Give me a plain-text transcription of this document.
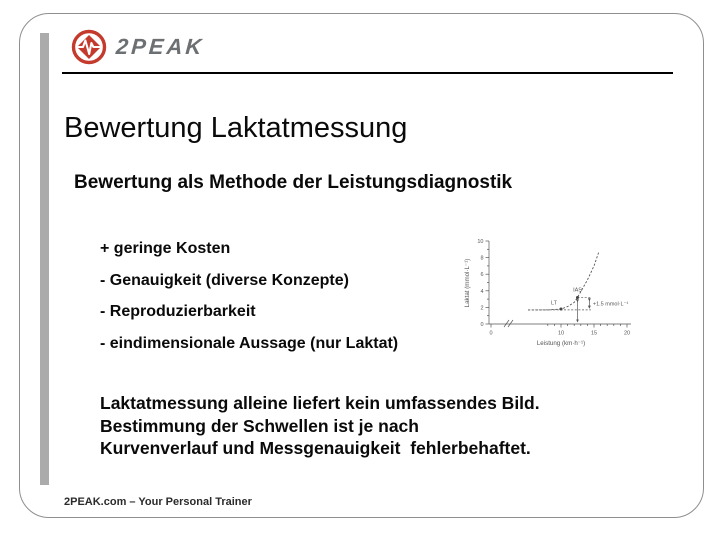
2PEAK
Bewertung Laktatmessung
Bewertung als Methode der Leistungsdiagnostik
+ geringe Kosten
- Genauigkeit (diverse Konzepte)
- Reproduzierbarkeit
- eindimensionale Aussage (nur Laktat)
0	10	15	20
0
2
4
6
8
10
LT
IAS
+1.5 mmol·L⁻¹
Laktat (mmol·L⁻¹)
Leistung (km·h⁻¹)
Laktatmessung alleine liefert kein umfassendes Bild.
Bestimmung der Schwellen ist je nach
Kurvenverlauf und Messgenauigkeit  fehlerbehaftet.
2PEAK.com – Your Personal Trainer
